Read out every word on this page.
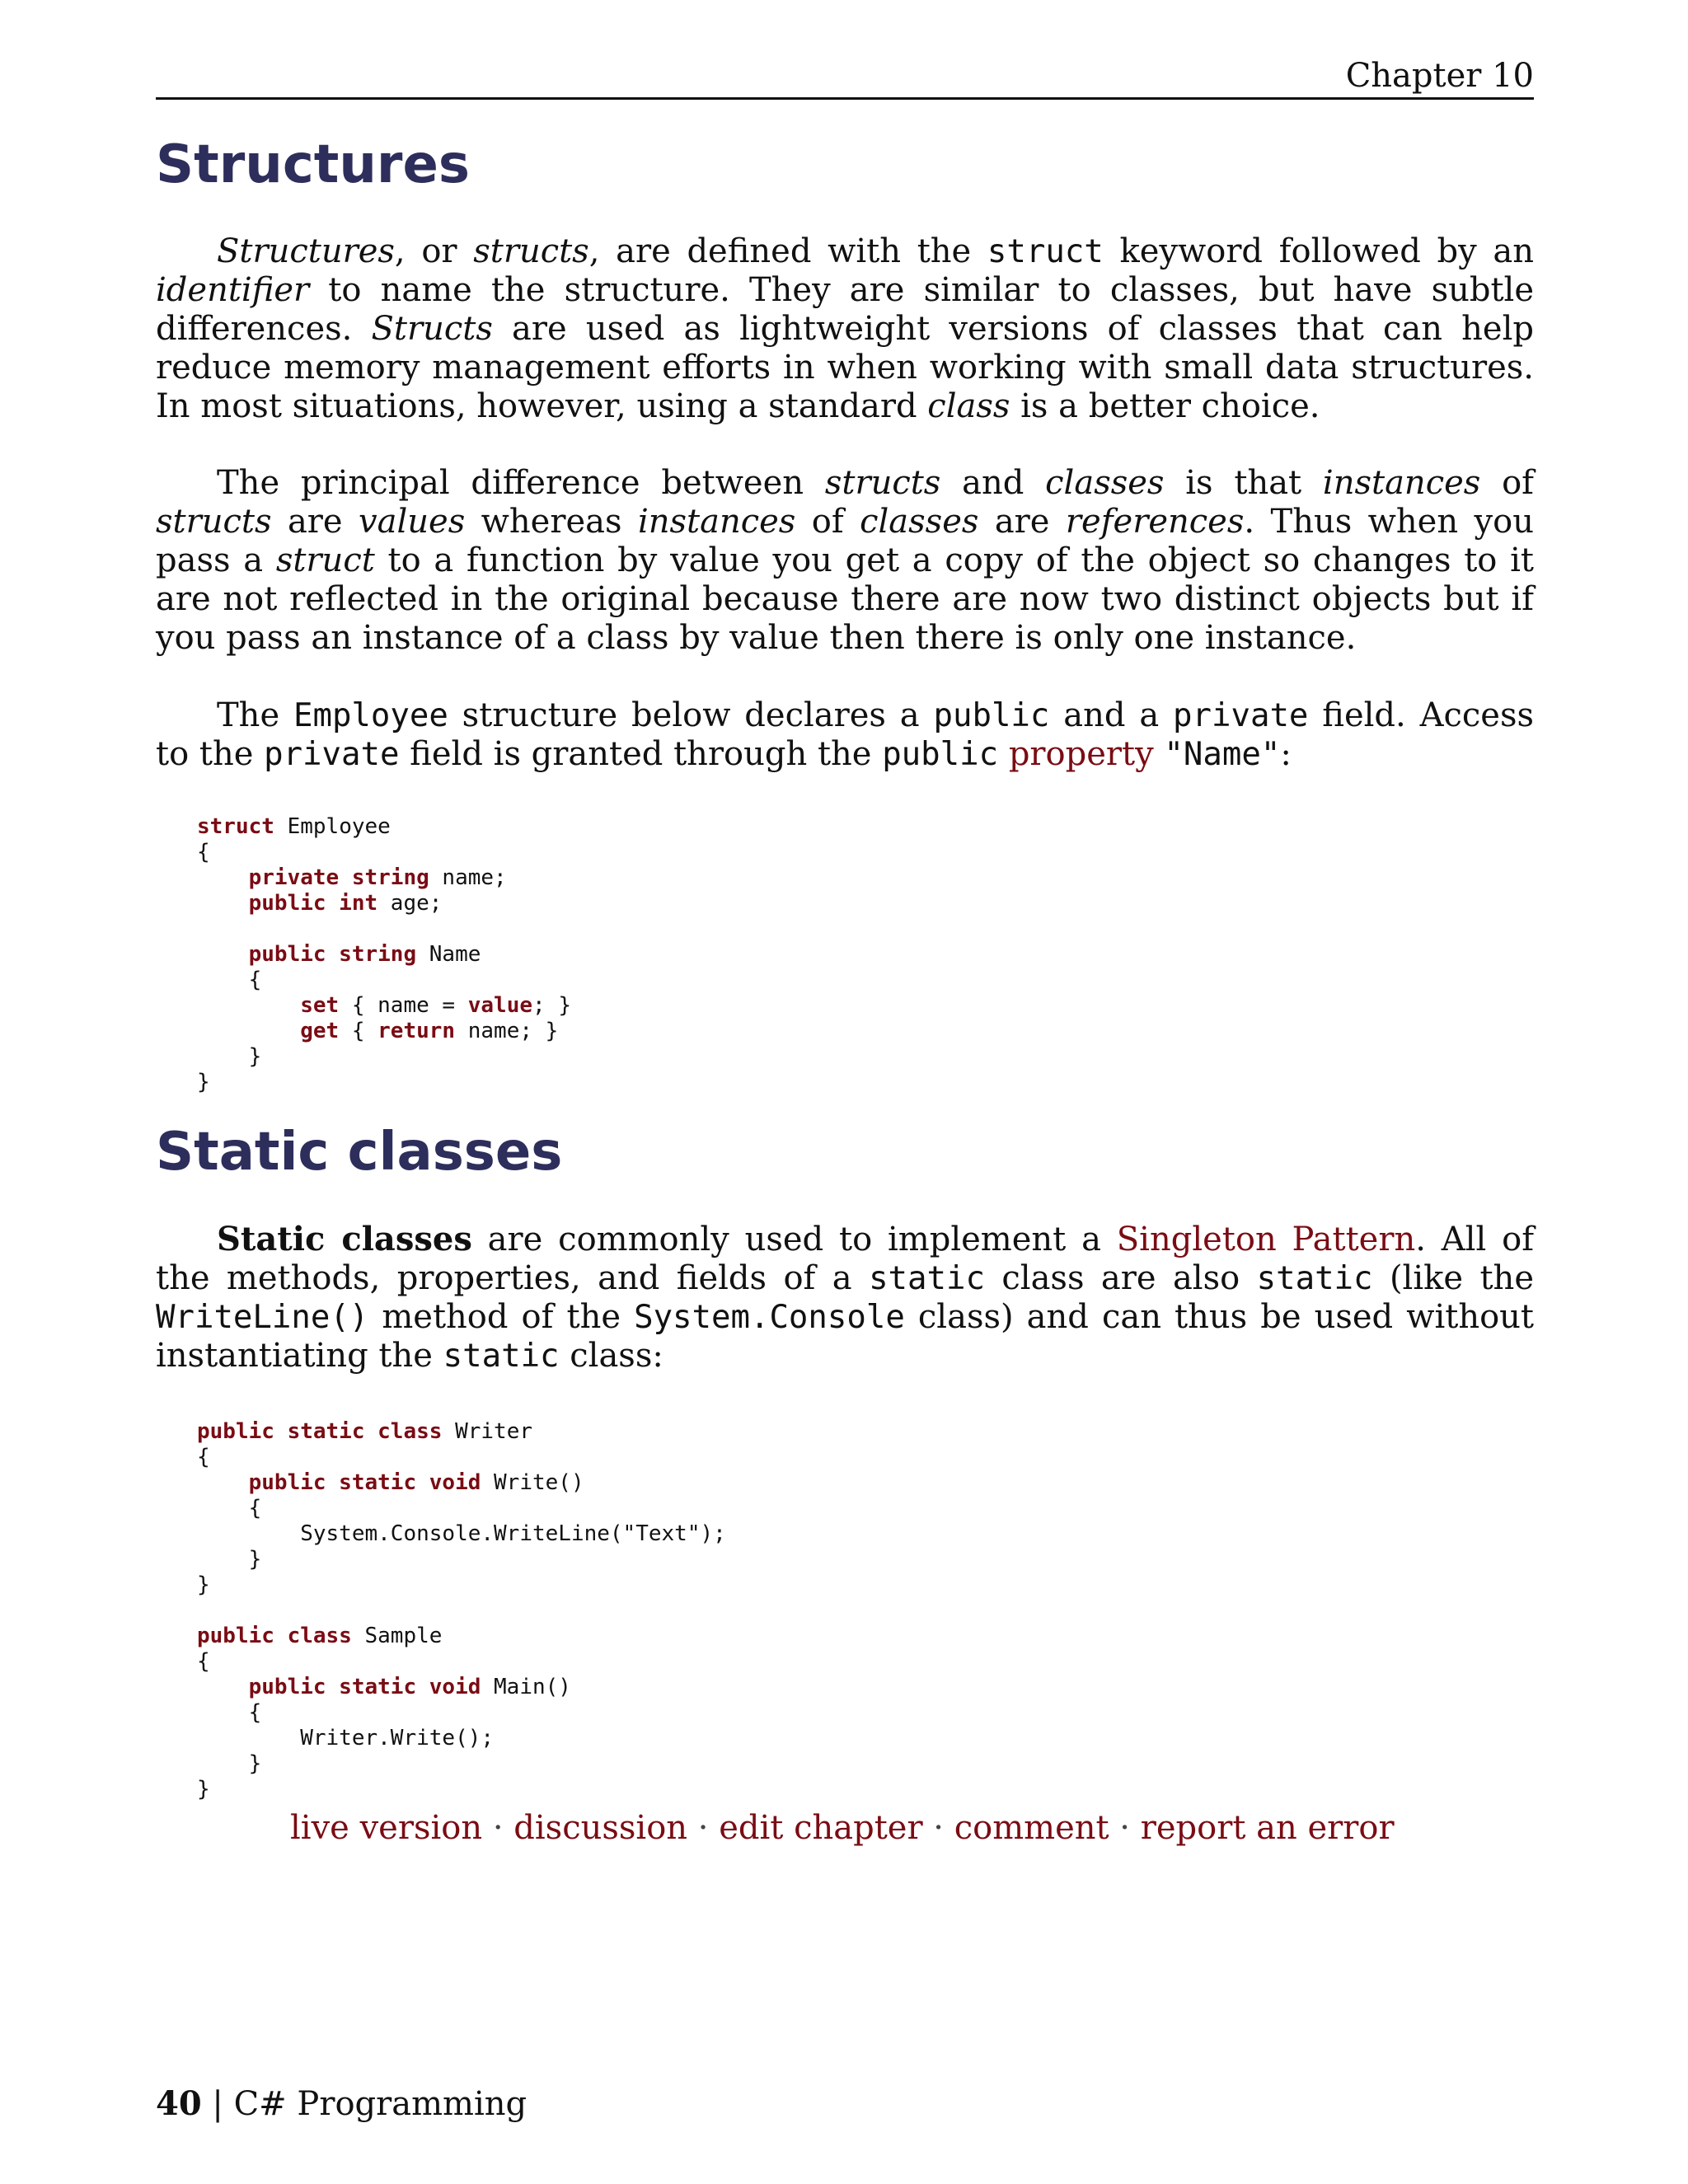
Chapter 10
Structures

Structures, or structs, are defined with the struct keyword followed by an identifier to name the structure. They are similar to classes, but have subtle differences. Structs are used as lightweight versions of classes that can help reduce memory management efforts in when working with small data structures. In most situations, however, using a standard class is a better choice.

The principal difference between structs and classes is that instances of structs are values whereas instances of classes are references. Thus when you pass a struct to a function by value you get a copy of the object so changes to it are not reflected in the original because there are now two distinct objects but if you pass an instance of a class by value then there is only one instance.

The Employee structure below declares a public and a private field. Access to the private field is granted through the public property "Name":

struct Employee
{
private string name;
public int age;

public string Name
{
set { name = value; }
get { return name; }
}
}
Static classes

Static classes are commonly used to implement a Singleton Pattern. All of the methods, properties, and fields of a static class are also static (like the WriteLine() method of the System.Console class) and can thus be used without instantiating the static class:

public static class Writer
{
public static void Write()
{
System.Console.WriteLine("Text");
}
}

public class Sample
{
public static void Main()
{
Writer.Write();
}
}
live version · discussion · edit chapter · comment · report an error
40 | C# Programming
